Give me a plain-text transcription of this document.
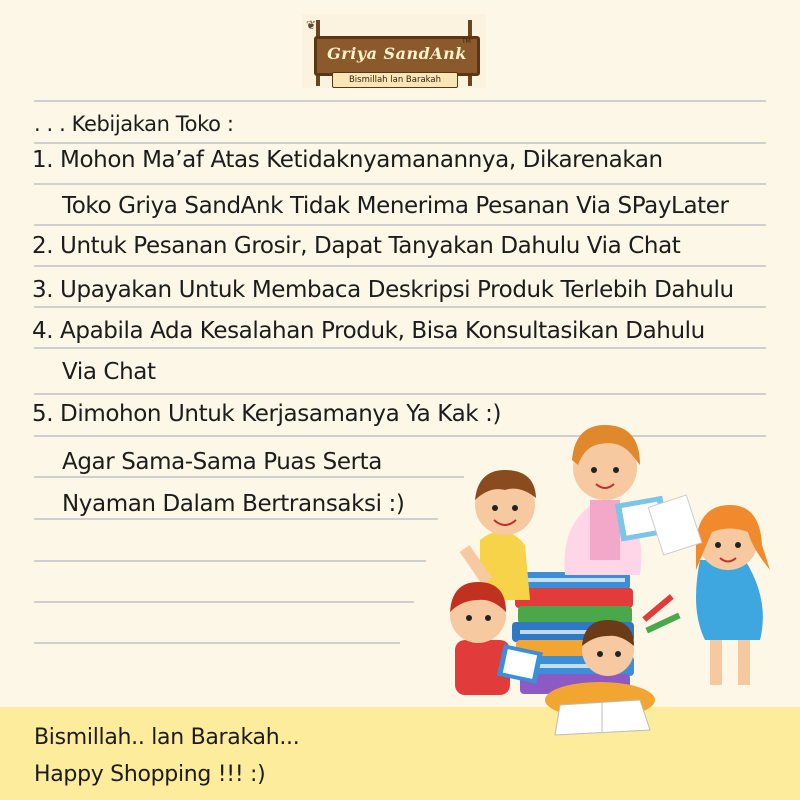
❦
Griya SandAnk
TM
Bismillah lan Barakah
. . . Kebijakan Toko :
1. Mohon Ma’af Atas Ketidaknyamanannya, Dikarenakan
Toko Griya SandAnk Tidak Menerima Pesanan Via SPayLater
2. Untuk Pesanan Grosir, Dapat Tanyakan Dahulu Via Chat
3. Upayakan Untuk Membaca Deskripsi Produk Terlebih Dahulu
4. Apabila Ada Kesalahan Produk, Bisa Konsultasikan Dahulu
Via Chat
5. Dimohon Untuk Kerjasamanya Ya Kak :)
Agar Sama-Sama Puas Serta
Nyaman Dalam Bertransaksi :)
Bismillah.. lan Barakah...
Happy Shopping !!! :)
